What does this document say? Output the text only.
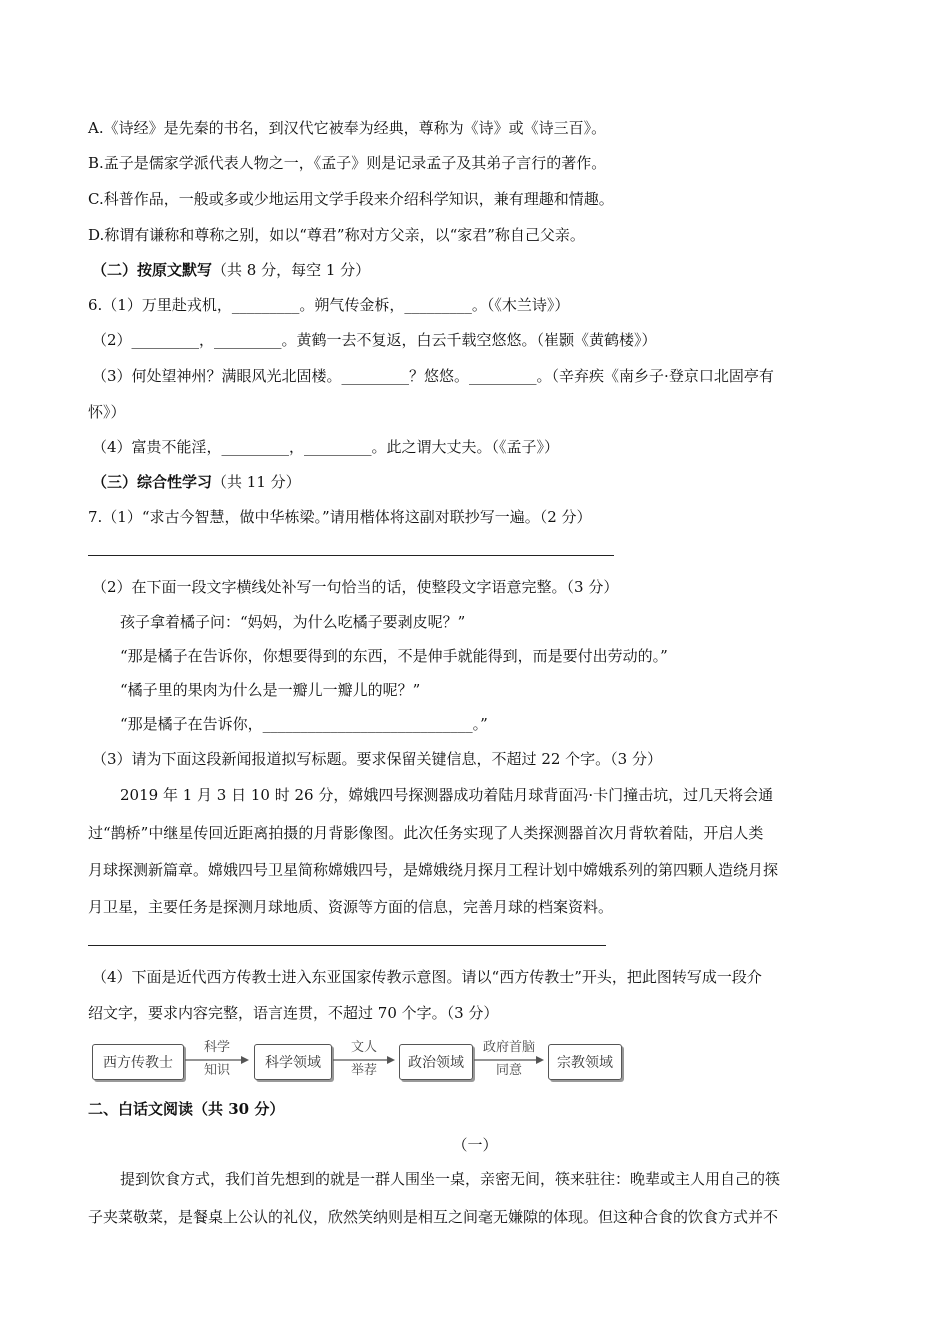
A.《诗经》是先秦的书名，到汉代它被奉为经典，尊称为《诗》或《诗三百》。
B.孟子是儒家学派代表人物之一，《孟子》则是记录孟子及其弟子言行的著作。
C.科普作品，一般或多或少地运用文学手段来介绍科学知识，兼有理趣和情趣。
D.称谓有谦称和尊称之别，如以“尊君”称对方父亲，以“家君”称自己父亲。
（二）按原文默写（共 8 分，每空 1 分）
6.（1）万里赴戎机，_________。朔气传金柝，_________。（《木兰诗》）
（2）_________，_________。黄鹤一去不复返，白云千载空悠悠。（崔颢《黄鹤楼》）
（3）何处望神州？满眼风光北固楼。_________？悠悠。_________。（辛弃疾《南乡子·登京口北固亭有
怀》）
（4）富贵不能淫，_________，_________。此之谓大丈夫。（《孟子》）
（三）综合性学习（共 11 分）
7.（1）“求古今智慧，做中华栋梁。”请用楷体将这副对联抄写一遍。（2 分）
（2）在下面一段文字横线处补写一句恰当的话，使整段文字语意完整。（3 分）
孩子拿着橘子问：“妈妈，为什么吃橘子要剥皮呢？”
“那是橘子在告诉你，你想要得到的东西，不是伸手就能得到，而是要付出劳动的。”
“橘子里的果肉为什么是一瓣儿一瓣儿的呢？”
“那是橘子在告诉你，____________________________。”
（3）请为下面这段新闻报道拟写标题。要求保留关键信息，不超过 22 个字。（3 分）
2019 年 1 月 3 日 10 时 26 分，嫦娥四号探测器成功着陆月球背面冯·卡门撞击坑，过几天将会通
过“鹊桥”中继星传回近距离拍摄的月背影像图。此次任务实现了人类探测器首次月背软着陆，开启人类
月球探测新篇章。嫦娥四号卫星简称嫦娥四号，是嫦娥绕月探月工程计划中嫦娥系列的第四颗人造绕月探
月卫星，主要任务是探测月球地质、资源等方面的信息，完善月球的档案资料。
（4）下面是近代西方传教士进入东亚国家传教示意图。请以“西方传教士”开头，把此图转写成一段介
绍文字，要求内容完整，语言连贯，不超过 70 个字。（3 分）
西方传教士
科学
知识	科学领域
文人
举荐	政治领域
政府首脑
同意	宗教领域
二、白话文阅读（共 30 分）
（一）
提到饮食方式，我们首先想到的就是一群人围坐一桌，亲密无间，筷来驻往：晚辈或主人用自己的筷
子夹菜敬菜，是餐桌上公认的礼仪，欣然笑纳则是相互之间毫无嫌隙的体现。但这种合食的饮食方式并不
